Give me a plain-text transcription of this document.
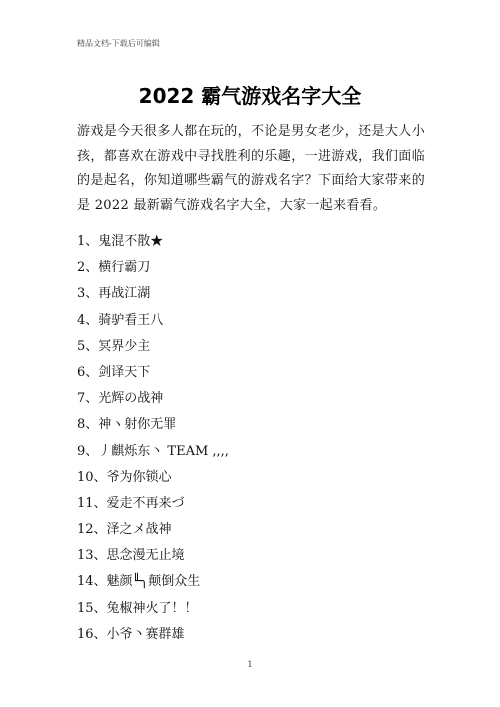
精品文档-下载后可编辑
2022 霸气游戏名字大全
游戏是今天很多人都在玩的，不论是男女老少，还是大人小孩，都喜欢在游戏中寻找胜利的乐趣，一进游戏，我们面临的是起名，你知道哪些霸气的游戏名字？下面给大家带来的是 2022 最新霸气游戏名字大全，大家一起来看看。
1、鬼混不散★
2、横行霸刀
3、再战江湖
4、骑驴看王八
5、冥界少主
6、剑译天下
7、光辉の战神
8、神ヽ射你无罪
9、丿麒烁东丶 TEAM ,,,,
10、爷为你锁心
11、爱走不再来づ
12、泽之メ战神
13、思念漫无止境
14、魅颜╙╮颠倒众生
15、兔椒神火了！！
16、小爷丶赛群雄
1
